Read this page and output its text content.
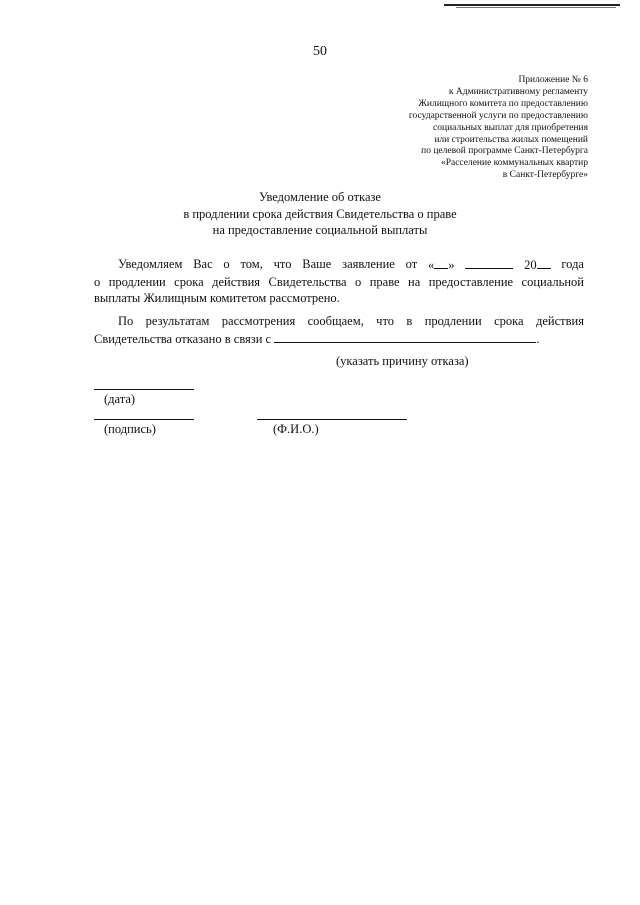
50
Приложение № 6
к Административному регламенту
Жилищного комитета по предоставлению
государственной услуги по предоставлению
социальных выплат для приобретения
или строительства жилых помещений
по целевой программе Санкт-Петербурга
«Расселение коммунальных квартир
в Санкт-Петербурге»
Уведомление об отказе
в продлении срока действия Свидетельства о праве
на предоставление социальной выплаты
Уведомляем Вас о том, что Ваше заявление от « »	20	года
о продлении срока действия Свидетельства о праве на предоставление социальной
выплаты Жилищным комитетом рассмотрено.
По результатам рассмотрения сообщаем, что в продлении срока действия
Свидетельства отказано в связи с	.
(указать причину отказа)
(дата)
(подпись)	(Ф.И.О.)
